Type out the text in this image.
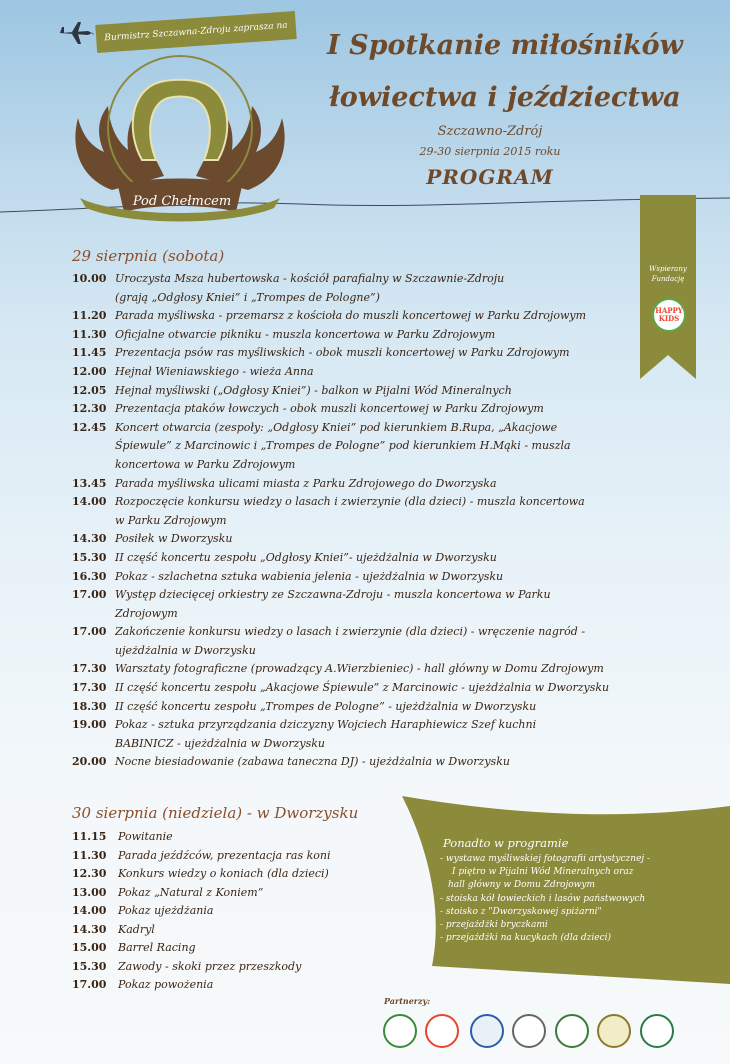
Burmistrz Szczawna-Zdroju zaprasza na
Pod Chełmcem
I Spotkanie miłośników
łowiectwa i jeździectwa
Szczawno-Zdrój
29-30 sierpnia 2015 roku
PROGRAM
Wspierany
Fundację
HAPPY KIDS
29 sierpnia (sobota)
10.00 Uroczysta Msza hubertowska - kościół parafialny w Szczawnie-Zdroju
(grają „Odgłosy Kniei” i „Trompes de Pologne”)
11.20 Parada myśliwska - przemarsz z kościoła do muszli koncertowej w Parku Zdrojowym
11.30 Oficjalne otwarcie pikniku - muszla koncertowa w Parku Zdrojowym
11.45 Prezentacja psów ras myśliwskich - obok muszli koncertowej w Parku Zdrojowym
12.00 Hejnał Wieniawskiego - wieża Anna
12.05 Hejnał myśliwski („Odgłosy Kniei”) - balkon w Pijalni Wód Mineralnych
12.30 Prezentacja ptaków łowczych - obok muszli koncertowej w Parku Zdrojowym
12.45 Koncert otwarcia (zespoły: „Odgłosy Kniei” pod kierunkiem B.Rupa, „Akacjowe
Śpiewule” z Marcinowic i „Trompes de Pologne” pod kierunkiem H.Mąki - muszla
koncertowa w Parku Zdrojowym
13.45 Parada myśliwska ulicami miasta z Parku Zdrojowego do Dworzyska
14.00 Rozpoczęcie konkursu wiedzy o lasach i zwierzynie (dla dzieci) - muszla koncertowa
w Parku Zdrojowym
14.30 Posiłek w Dworzysku
15.30 II część koncertu zespołu „Odgłosy Kniei”- ujeżdżalnia w Dworzysku
16.30 Pokaz - szlachetna sztuka wabienia jelenia - ujeżdżalnia w Dworzysku
17.00 Występ dziecięcej orkiestry ze Szczawna-Zdroju - muszla koncertowa w Parku
Zdrojowym
17.00 Zakończenie konkursu wiedzy o lasach i zwierzynie (dla dzieci) - wręczenie nagród -
ujeżdżalnia w Dworzysku
17.30 Warsztaty fotograficzne (prowadzący A.Wierzbieniec) - hall główny w Domu Zdrojowym
17.30 II część koncertu zespołu „Akacjowe Śpiewule” z Marcinowic - ujeżdżalnia w Dworzysku
18.30 II część koncertu zespołu „Trompes de Pologne” - ujeżdżalnia w Dworzysku
19.00 Pokaz - sztuka przyrządzania dziczyzny Wojciech Haraphiewicz Szef kuchni
BABINICZ - ujeżdżalnia w Dworzysku
20.00 Nocne biesiadowanie (zabawa taneczna DJ) - ujeżdżalnia w Dworzysku
30 sierpnia (niedziela) - w Dworzysku
11.15	Powitanie
11.30	Parada jeźdźców, prezentacja ras koni
12.30	Konkurs wiedzy o koniach (dla dzieci)
13.00	Pokaz „Natural z Koniem”
14.00	Pokaz ujeżdżania
14.30	Kadryl
15.00	Barrel Racing
15.30	Zawody - skoki przez przeszkody
17.00	Pokaz powożenia
Ponadto w programie
- wystawa myśliwskiej fotografii artystycznej -
I piętro w Pijalni Wód Mineralnych oraz
hall główny w Domu Zdrojowym
- stoiska kół łowieckich i lasów państwowych
- stoisko z "Dworzyskowej spiżarni"
- przejażdżki bryczkami
- przejażdżki na kucykach (dla dzieci)
Partnerzy:
